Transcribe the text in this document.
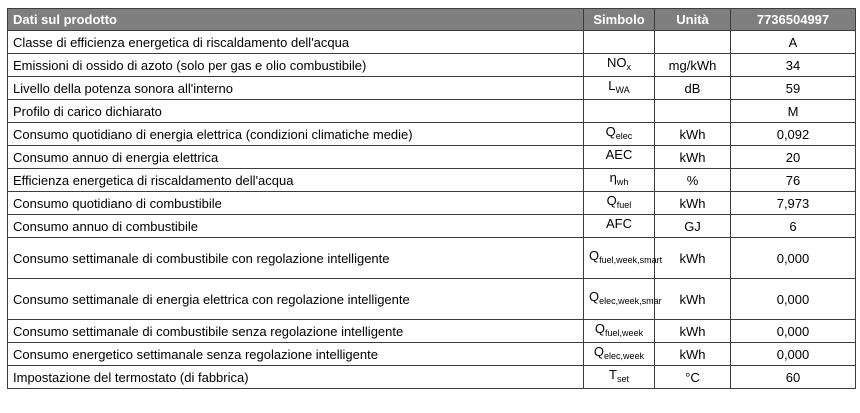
Dati sul prodotto	Simbolo	Unità	7736504997
Classe di efficienza energetica di riscaldamento dell'acqua			A
Emissioni di ossido di azoto (solo per gas e olio combustibile)	$NO_x$	mg/kWh	34
Livello della potenza sonora all'interno	$L_{WA}$	dB	59
Profilo di carico dichiarato			M
Consumo quotidiano di energia elettrica (condizioni climatiche medie)	$Q_{elec}$	kWh	0,092
Consumo annuo di energia elettrica	AEC	kWh	20
Efficienza energetica di riscaldamento dell'acqua	$\eta_{wh}$	%	76
Consumo quotidiano di combustibile	$Q_{fuel}$	kWh	7,973
Consumo annuo di combustibile	AFC	GJ	6
Consumo settimanale di combustibile con regolazione intelligente	$Q_{fuel,week,smart}$	kWh	0,000
Consumo settimanale di energia elettrica con regolazione intelligente	$Q_{elec,week,smar}$	kWh	0,000
Consumo settimanale di combustibile senza regolazione intelligente	$Q_{fuel,week}$	kWh	0,000
Consumo energetico settimanale senza regolazione intelligente	$Q_{elec,week}$	kWh	0,000
Impostazione del termostato (di fabbrica)	$T_{set}$	°C	60
